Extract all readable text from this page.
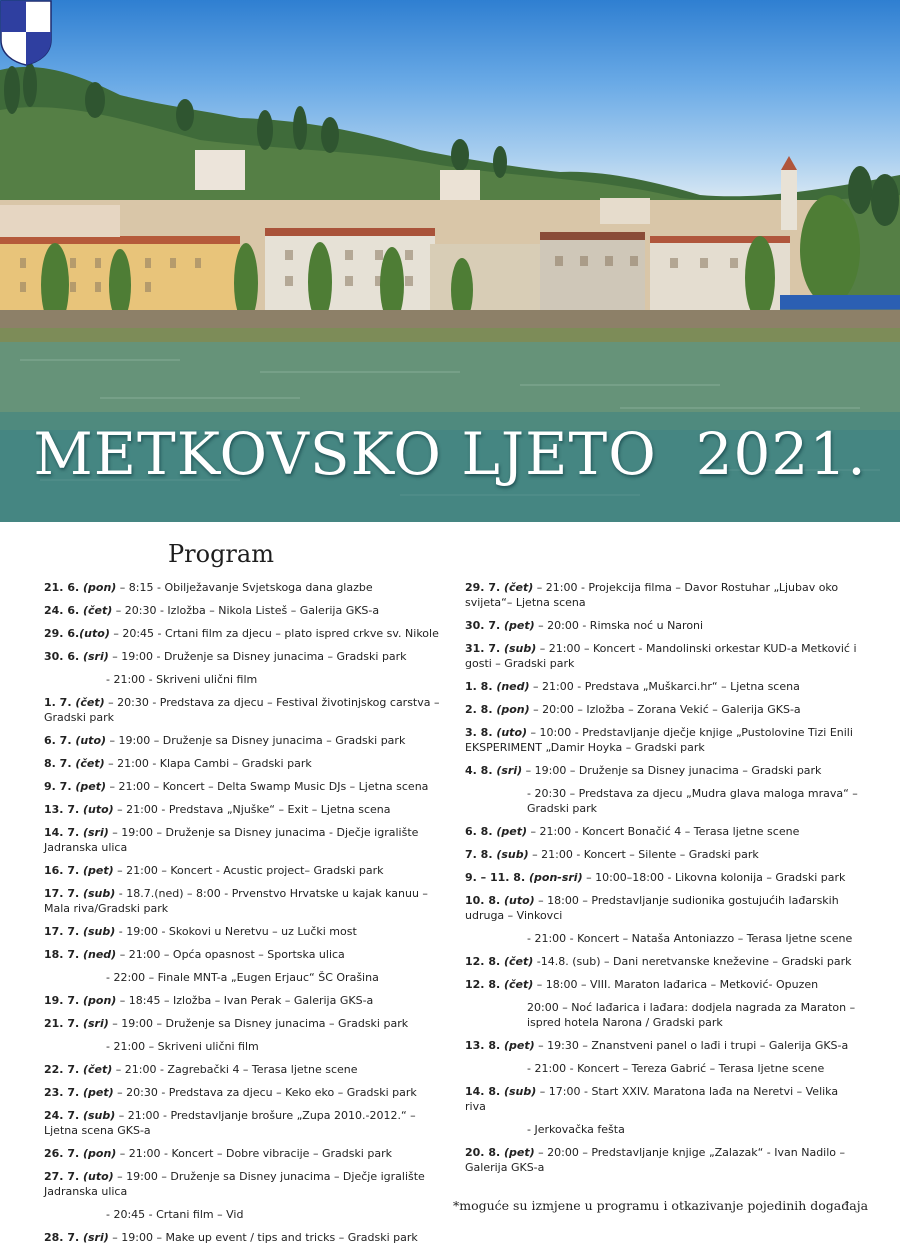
METKOVSKO LJETO  2021.
Program

21. 6. (pon) – 8:15 - Obilježavanje Svjetskoga dana glazbe

24. 6. (čet) – 20:30 - Izložba – Nikola Listeš – Galerija GKS-a

29. 6.(uto) – 20:45 - Crtani film za djecu – plato ispred crkve sv. Nikole

30. 6. (sri) – 19:00 - Druženje sa Disney junacima – Gradski park

- 21:00 - Skriveni ulični film

1. 7. (čet) – 20:30 - Predstava za djecu – Festival životinjskog carstva – Gradski park

6. 7. (uto) – 19:00 – Druženje sa Disney junacima – Gradski park

8. 7. (čet) – 21:00 - Klapa Cambi – Gradski park

9. 7. (pet) – 21:00 – Koncert – Delta Swamp Music DJs – Ljetna scena

13. 7. (uto) – 21:00 - Predstava „Njuške“ – Exit – Ljetna scena

14. 7. (sri) – 19:00 – Druženje sa Disney junacima - Dječje igralište Jadranska ulica

16. 7. (pet) – 21:00 – Koncert - Acustic project– Gradski park

17. 7. (sub) - 18.7.(ned) – 8:00 - Prvenstvo Hrvatske u kajak kanuu – Mala riva/Gradski park

17. 7. (sub) - 19:00 - Skokovi u Neretvu – uz Lučki most

18. 7. (ned) – 21:00 – Opća opasnost – Sportska ulica

- 22:00 – Finale MNT-a „Eugen Erjauc“ ŠC Orašina

19. 7. (pon) – 18:45 – Izložba – Ivan Perak – Galerija GKS-a

21. 7. (sri) – 19:00 – Druženje sa Disney junacima – Gradski park

- 21:00 – Skriveni ulični film

22. 7. (čet) – 21:00 - Zagrebački 4 – Terasa ljetne scene

23. 7. (pet) – 20:30 - Predstava za djecu – Keko eko – Gradski park

24. 7. (sub) – 21:00 - Predstavljanje brošure „Zupa 2010.-2012.“ – Ljetna scena GKS-a

26. 7. (pon) – 21:00 - Koncert – Dobre vibracije – Gradski park

27. 7. (uto) – 19:00 – Druženje sa Disney junacima – Dječje igralište Jadranska ulica

- 20:45 - Crtani film – Vid

28. 7. (sri) – 19:00 – Make up event / tips and tricks – Gradski park

29. 7. (čet) – 21:00 - Projekcija filma – Davor Rostuhar „Ljubav oko svijeta“– Ljetna scena

30. 7. (pet) – 20:00 - Rimska noć u Naroni

31. 7. (sub) – 21:00 – Koncert - Mandolinski orkestar KUD-a Metković i gosti – Gradski park

1. 8. (ned) – 21:00 - Predstava „Muškarci.hr“ – Ljetna scena

2. 8. (pon) – 20:00 – Izložba – Zorana Vekić – Galerija GKS-a

3. 8. (uto) – 10:00 - Predstavljanje dječje knjige „Pustolovine Tizi Enili EKSPERIMENT „Damir Hoyka – Gradski park

4. 8. (sri) – 19:00 – Druženje sa Disney junacima – Gradski park

- 20:30 – Predstava za djecu „Mudra glava maloga mrava“ – Gradski park

6. 8. (pet) – 21:00 - Koncert Bonačić 4 – Terasa ljetne scene

7. 8. (sub) – 21:00 - Koncert – Silente – Gradski park

9. – 11. 8. (pon-sri) – 10:00–18:00 - Likovna kolonija – Gradski park

10. 8. (uto) – 18:00 – Predstavljanje sudionika gostujućih lađarskih udruga – Vinkovci

- 21:00 - Koncert – Nataša Antoniazzo – Terasa ljetne scene

12. 8. (čet) -14.8. (sub) – Dani neretvanske kneževine – Gradski park

12. 8. (čet) – 18:00 – VIII. Maraton lađarica – Metković- Opuzen

20:00 – Noć lađarica i lađara: dodjela nagrada za Maraton – ispred hotela Narona / Gradski park

13. 8. (pet) – 19:30 – Znanstveni panel o lađi i trupi – Galerija GKS-a

- 21:00 - Koncert – Tereza Gabrić – Terasa ljetne scene

14. 8. (sub) – 17:00 - Start XXIV. Maratona lađa na Neretvi – Velika riva

- Jerkovačka fešta

20. 8. (pet) – 20:00 – Predstavljanje knjige „Zalazak“ - Ivan Nadilo – Galerija GKS-a

*moguće su izmjene u programu i otkazivanje pojedinih događaja
